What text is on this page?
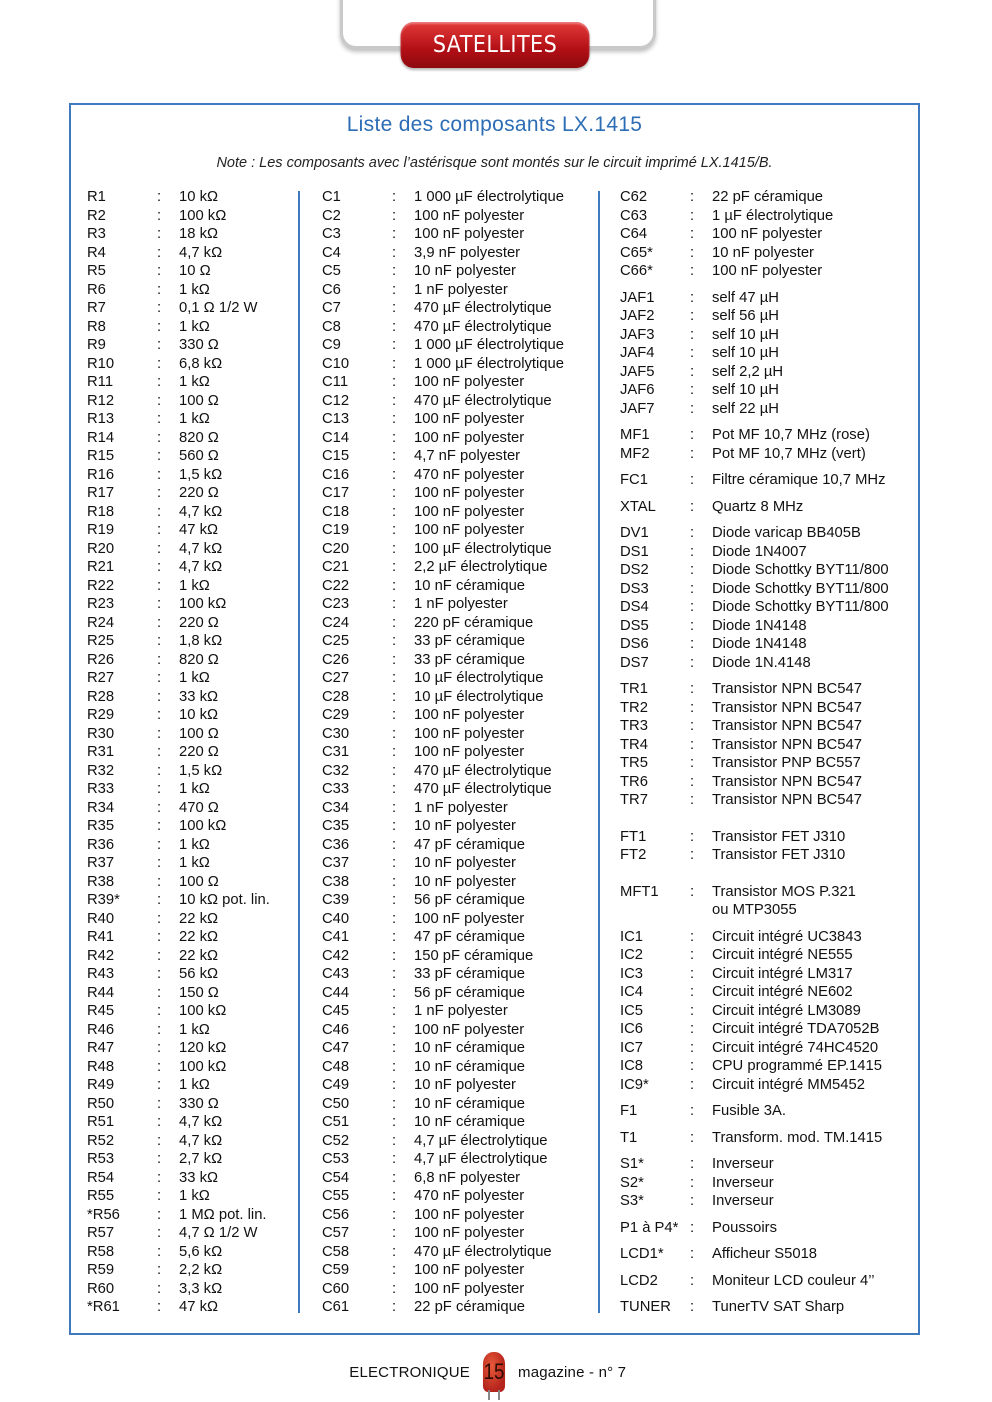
SATELLITES
Liste des composants LX.1415
Note : Les composants avec l’astérisque sont montés sur le circuit imprimé LX.1415/B.
R1	:	10 kΩ
R2	:	100 kΩ
R3	:	18 kΩ
R4	:	4,7 kΩ
R5	:	10 Ω
R6	:	1 kΩ
R7	:	0,1 Ω 1/2 W
R8	:	1 kΩ
R9	:	330 Ω
R10	:	6,8 kΩ
R11	:	1 kΩ
R12	:	100 Ω
R13	:	1 kΩ
R14	:	820 Ω
R15	:	560 Ω
R16	:	1,5 kΩ
R17	:	220 Ω
R18	:	4,7 kΩ
R19	:	47 kΩ
R20	:	4,7 kΩ
R21	:	4,7 kΩ
R22	:	1 kΩ
R23	:	100 kΩ
R24	:	220 Ω
R25	:	1,8 kΩ
R26	:	820 Ω
R27	:	1 kΩ
R28	:	33 kΩ
R29	:	10 kΩ
R30	:	100 Ω
R31	:	220 Ω
R32	:	1,5 kΩ
R33	:	1 kΩ
R34	:	470 Ω
R35	:	100 kΩ
R36	:	1 kΩ
R37	:	1 kΩ
R38	:	100 Ω
R39*	:	10 kΩ pot. lin.
R40	:	22 kΩ
R41	:	22 kΩ
R42	:	22 kΩ
R43	:	56 kΩ
R44	:	150 Ω
R45	:	100 kΩ
R46	:	1 kΩ
R47	:	120 kΩ
R48	:	100 kΩ
R49	:	1 kΩ
R50	:	330 Ω
R51	:	4,7 kΩ
R52	:	4,7 kΩ
R53	:	2,7 kΩ
R54	:	33 kΩ
R55	:	1 kΩ
*R56	:	1 MΩ pot. lin.
R57	:	4,7 Ω 1/2 W
R58	:	5,6 kΩ
R59	:	2,2 kΩ
R60	:	3,3 kΩ
*R61	:	47 kΩ
C1	:	1 000 µF électrolytique
C2	:	100 nF polyester
C3	:	100 nF polyester
C4	:	3,9 nF polyester
C5	:	10 nF polyester
C6	:	1 nF polyester
C7	:	470 µF électrolytique
C8	:	470 µF électrolytique
C9	:	1 000 µF électrolytique
C10	:	1 000 µF électrolytique
C11	:	100 nF polyester
C12	:	470 µF électrolytique
C13	:	100 nF polyester
C14	:	100 nF polyester
C15	:	4,7 nF polyester
C16	:	470 nF polyester
C17	:	100 nF polyester
C18	:	100 nF polyester
C19	:	100 nF polyester
C20	:	100 µF électrolytique
C21	:	2,2 µF électrolytique
C22	:	10 nF céramique
C23	:	1 nF polyester
C24	:	220 pF céramique
C25	:	33 pF céramique
C26	:	33 pF céramique
C27	:	10 µF électrolytique
C28	:	10 µF électrolytique
C29	:	100 nF polyester
C30	:	100 nF polyester
C31	:	100 nF polyester
C32	:	470 µF électrolytique
C33	:	470 µF électrolytique
C34	:	1 nF polyester
C35	:	10 nF polyester
C36	:	47 pF céramique
C37	:	10 nF polyester
C38	:	10 nF polyester
C39	:	56 pF céramique
C40	:	100 nF polyester
C41	:	47 pF céramique
C42	:	150 pF céramique
C43	:	33 pF céramique
C44	:	56 pF céramique
C45	:	1 nF polyester
C46	:	100 nF polyester
C47	:	10 nF céramique
C48	:	10 nF céramique
C49	:	10 nF polyester
C50	:	10 nF céramique
C51	:	10 nF céramique
C52	:	4,7 µF électrolytique
C53	:	4,7 µF électrolytique
C54	:	6,8 nF polyester
C55	:	470 nF polyester
C56	:	100 nF polyester
C57	:	100 nF polyester
C58	:	470 µF électrolytique
C59	:	100 nF polyester
C60	:	100 nF polyester
C61	:	22 pF céramique
C62	:	22 pF céramique
C63	:	1 µF électrolytique
C64	:	100 nF polyester
C65*	:	10 nF polyester
C66*	:	100 nF polyester
JAF1	:	self 47 µH
JAF2	:	self 56 µH
JAF3	:	self 10 µH
JAF4	:	self 10 µH
JAF5	:	self 2,2 µH
JAF6	:	self 10 µH
JAF7	:	self 22 µH
MF1	:	Pot MF 10,7 MHz (rose)
MF2	:	Pot MF 10,7 MHz (vert)
FC1	:	Filtre céramique 10,7 MHz
XTAL	:	Quartz 8 MHz
DV1	:	Diode varicap BB405B
DS1	:	Diode 1N4007
DS2	:	Diode Schottky BYT11/800
DS3	:	Diode Schottky BYT11/800
DS4	:	Diode Schottky BYT11/800
DS5	:	Diode 1N4148
DS6	:	Diode 1N4148
DS7	:	Diode 1N.4148
TR1	:	Transistor NPN BC547
TR2	:	Transistor NPN BC547
TR3	:	Transistor NPN BC547
TR4	:	Transistor NPN BC547
TR5	:	Transistor PNP BC557
TR6	:	Transistor NPN BC547
TR7	:	Transistor NPN BC547
FT1	:	Transistor FET J310
FT2	:	Transistor FET J310
MFT1	:	Transistor MOS P.321
ou MTP3055
IC1	:	Circuit intégré UC3843
IC2	:	Circuit intégré NE555
IC3	:	Circuit intégré LM317
IC4	:	Circuit intégré NE602
IC5	:	Circuit intégré LM3089
IC6	:	Circuit intégré TDA7052B
IC7	:	Circuit intégré 74HC4520
IC8	:	CPU programmé EP.1415
IC9*	:	Circuit intégré MM5452
F1	:	Fusible 3A.
T1	:	Transform. mod. TM.1415
S1*	:	Inverseur
S2*	:	Inverseur
S3*	:	Inverseur
P1 à P4* :	Poussoirs
LCD1*	:	Afficheur S5018
LCD2	:	Moniteur LCD couleur 4’’
TUNER	:	TunerTV SAT Sharp
ELECTRONIQUE 15 magazine - n° 7
